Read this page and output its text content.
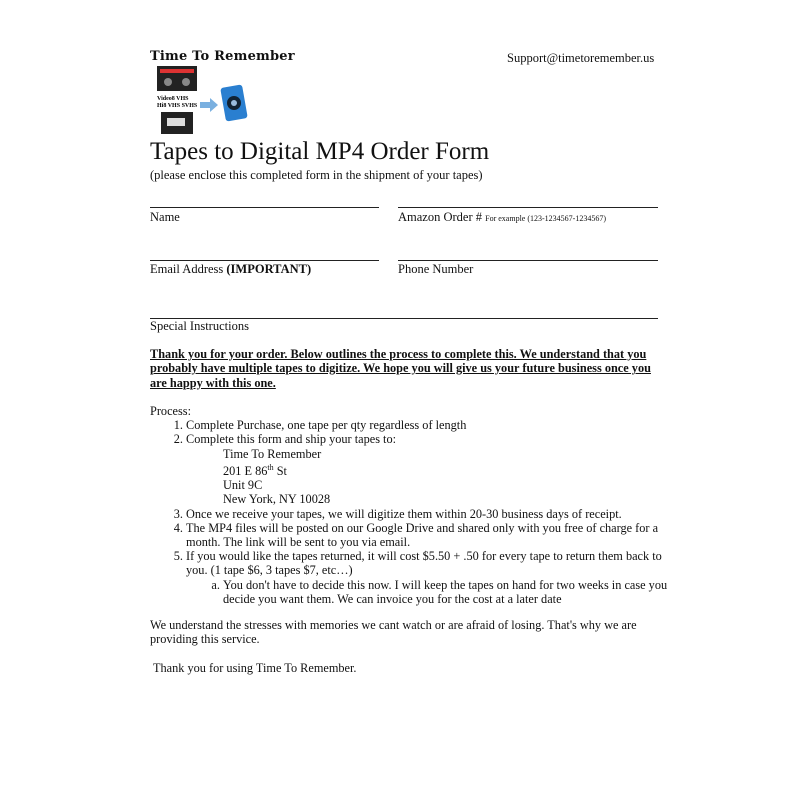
Time To Remember	Support@timetoremember.us
Video8 VHS
Hi8 VHS SVHS
Tapes to Digital MP4 Order Form
(please enclose this completed form in the shipment of your tapes)
Name	Amazon Order # For example (123-1234567-1234567)
Email Address (IMPORTANT)	Phone Number
Special Instructions
Thank you for your order. Below outlines the process to complete this. We understand that you probably have multiple tapes to digitize. We hope you will give us your future business once you are happy with this one.
Process:
1. Complete Purchase, one tape per qty regardless of length
2. Complete this form and ship your tapes to:
Time To Remember
201 E 86th St
Unit 9C
New York, NY 10028
3. Once we receive your tapes, we will digitize them within 20-30 business days of receipt.
4. The MP4 files will be posted on our Google Drive and shared only with you free of charge for a month. The link will be sent to you via email.
5. If you would like the tapes returned, it will cost $5.50 + .50 for every tape to return them back to you. (1 tape $6, 3 tapes $7, etc…)
a. You don't have to decide this now. I will keep the tapes on hand for two weeks in case you decide you want them. We can invoice you for the cost at a later date
We understand the stresses with memories we cant watch or are afraid of losing. That's why we are providing this service.
Thank you for using Time To Remember.
